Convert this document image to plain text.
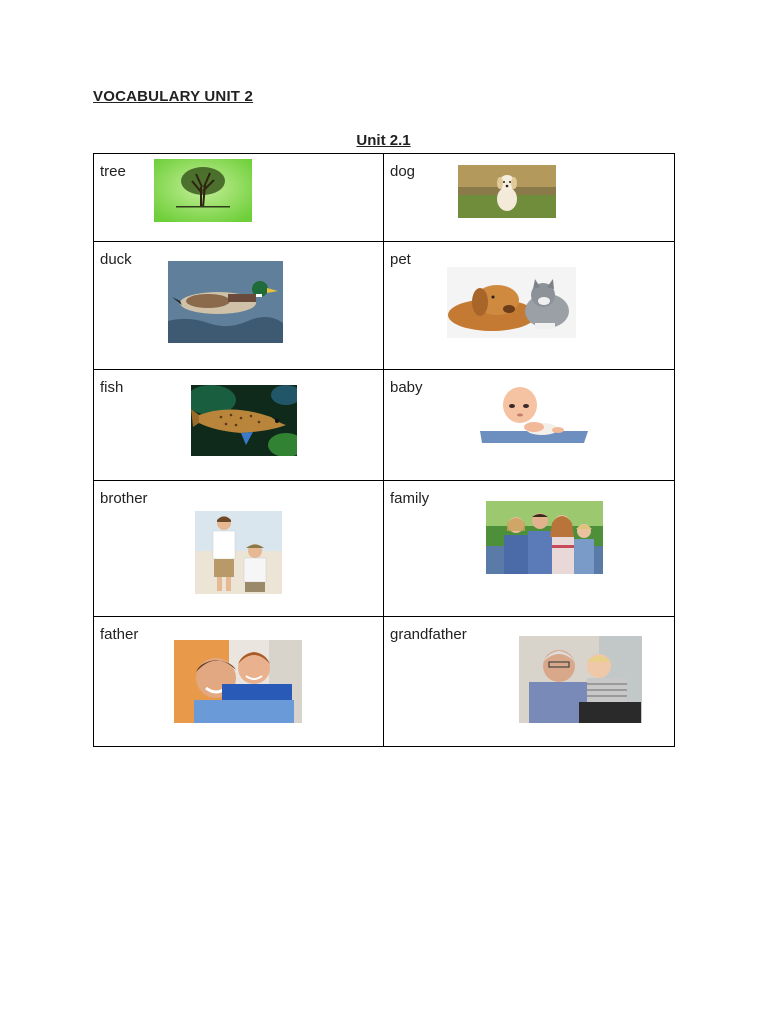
VOCABULARY UNIT 2
Unit 2.1
tree	dog

duck	pet

fish	baby

brother	family

father	grandfather
